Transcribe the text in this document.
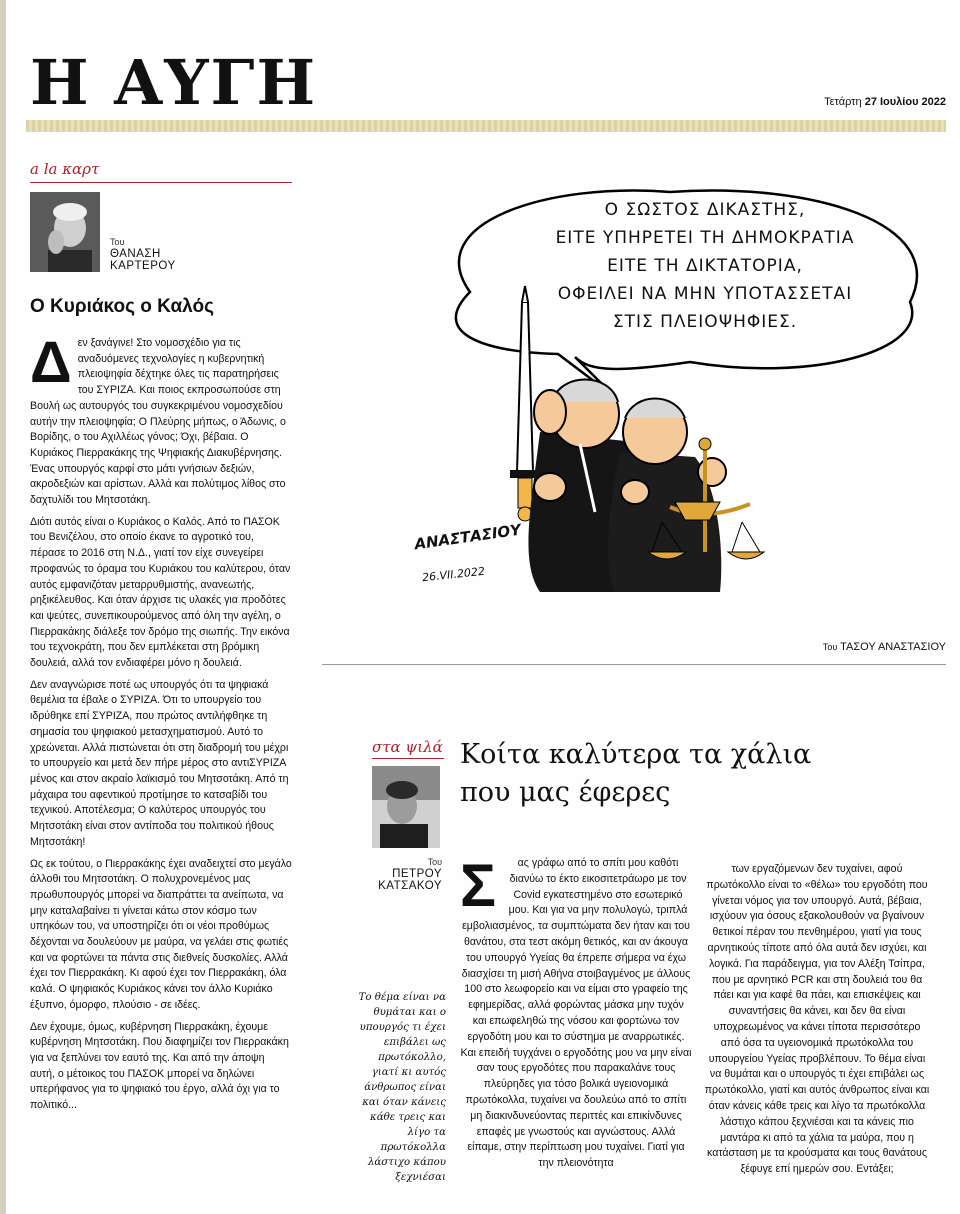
Η ΑΥΓΗ	Τετάρτη 27 Ιουλίου 2022
a la καρτ
Του
ΘΑΝΑΣΗ ΚΑΡΤΕΡΟΥ
Ο Κυριάκος ο Καλός

Δεν ξανάγινε! Στο νομοσχέδιο για τις αναδυόμενες τεχνολογίες η κυβερνητική πλειοψηφία δέχτηκε όλες τις παρατηρήσεις του ΣΥΡΙΖΑ. Και ποιος εκπροσωπούσε στη Βουλή ως αυτουργός του συγκεκριμένου νομοσχεδίου αυτήν την πλειοψηφία; Ο Πλεύρης μήπως, ο Άδωνις, ο Βορίδης, ο του Αχιλλέως γόνος; Όχι, βέβαια. Ο Κυριάκος Πιερρακάκης της Ψηφιακής Διακυβέρνησης. Ένας υπουργός καρφί στο μάτι γνήσιων δεξιών, ακροδεξιών και αρίστων. Αλλά και πολύτιμος λίθος στο δαχτυλίδι του Μητσοτάκη.

Διότι αυτός είναι ο Κυριάκος ο Καλός. Από το ΠΑΣΟΚ του Βενιζέλου, στο οποίο έκανε το αγροτικό του, πέρασε το 2016 στη Ν.Δ., γιατί τον είχε συνεγείρει προφανώς το όραμα του Κυριάκου του καλύτερου, όταν αυτός εμφανιζόταν μεταρρυθμιστής, ανανεωτής, ρηξικέλευθος. Και όταν άρχισε τις υλακές για προδότες και ψεύτες, συνεπικουρούμενος από όλη την αγέλη, ο Πιερρακάκης διάλεξε τον δρόμο της σιωπής. Την εικόνα του τεχνοκράτη, που δεν εμπλέκεται στη βρόμικη δουλειά, αλλά τον ενδιαφέρει μόνο η δουλειά.

Δεν αναγνώρισε ποτέ ως υπουργός ότι τα ψηφιακά θεμέλια τα έβαλε ο ΣΥΡΙΖΑ. Ότι το υπουργείο του ιδρύθηκε επί ΣΥΡΙΖΑ, που πρώτος αντιλήφθηκε τη σημασία του ψηφιακού μετασχηματισμού. Αυτό το χρεώνεται. Αλλά πιστώνεται ότι στη διαδρομή του μέχρι το υπουργείο και μετά δεν πήρε μέρος στο αντιΣΥΡΙΖΑ μένος και στον ακραίο λαϊκισμό του Μητσοτάκη. Από τη μάχαιρα του αφεντικού προτίμησε το κατσαβίδι του τεχνικού. Αποτέλεσμα; Ο καλύτερος υπουργός του Μητσοτάκη είναι στον αντίποδα του πολιτικού ήθους Μητσοτάκη!

Ως εκ τούτου, ο Πιερρακάκης έχει αναδειχτεί στο μεγάλο άλλοθι του Μητσοτάκη. Ο πολυχρονεμένος μας πρωθυπουργός μπορεί να διαπράττει τα ανείπωτα, να μην καταλαβαίνει τι γίνεται κάτω στον κόσμο των υπηκόων του, να υποστηρίζει ότι οι νέοι προθύμως δέχονται να δουλεύουν με μαύρα, να γελάει στις φωτιές και να φορτώνει τα πάντα στις διεθνείς δυσκολίες. Αλλά έχει τον Πιερρακάκη. Κι αφού έχει τον Πιερρακάκη, όλα καλά. Ο ψηφιακός Κυριάκος κάνει τον άλλο Κυριάκο έξυπνο, όμορφο, πλούσιο - σε ιδέες.

Δεν έχουμε, όμως, κυβέρνηση Πιερρακάκη, έχουμε κυβέρνηση Μητσοτάκη. Που διαφημίζει τον Πιερρακάκη για να ξεπλύνει τον εαυτό της. Και από την άποψη αυτή, ο μέτοικος του ΠΑΣΟΚ μπορεί να δηλώνει υπερήφανος για το ψηφιακό του έργο, αλλά όχι για το πολιτικό...

Ο ΣΩΣΤΟΣ ΔΙΚΑΣΤΗΣ,
ΕΙΤΕ ΥΠΗΡΕΤΕΙ ΤΗ ΔΗΜΟΚΡΑΤΙΑ
ΕΙΤΕ ΤΗ ΔΙΚΤΑΤΟΡΙΑ,
ΟΦΕΙΛΕΙ ΝΑ ΜΗΝ ΥΠΟΤΑΣΣΕΤΑΙ
ΣΤΙΣ ΠΛΕΙΟΨΗΦΙΕΣ.
ΑΝΑΣΤΑΣΙΟΥ
26.VII.2022
Του ΤΑΣΟΥ ΑΝΑΣΤΑΣΙΟΥ
στα ψιλά
Του
ΠΕΤΡΟΥ ΚΑΤΣΑΚΟΥ
Κοίτα καλύτερα τα χάλια
που μας έφερες
Το θέμα είναι να θυμάται και ο υπουργός τι έχει επιβάλει ως πρωτόκολλο, γιατί κι αυτός άνθρωπος είναι και όταν κάνεις κάθε τρεις και λίγο τα πρωτόκολλα λάστιχο κάπου ξεχνιέσαι
Σ ας γράφω από το σπίτι μου καθότι διανύω το έκτο εικοσιτετράωρο με τον Covid εγκατεστημένο στο εσωτερικό μου. Και για να μην πολυλογώ, τριπλά εμβολιασμένος, τα συμπτώματα δεν ήταν και του θανάτου, στα τεστ ακόμη θετικός, και αν άκουγα του υπουργό Υγείας θα έπρεπε σήμερα να έχω διασχίσει τη μισή Αθήνα στοιβαγμένος με άλλους 100 στο λεωφορείο και να είμαι στο γραφείο της εφημερίδας, αλλά φορώντας μάσκα μην τυχόν και επωφεληθώ της νόσου και φορτώνω τον εργοδότη μου και το σύστημα με αναρρωτικές. Και επειδή τυγχάνει ο εργοδότης μου να μην είναι σαν τους εργοδότες που παρακαλάνε τους πλεύρηδες για τόσο βολικά υγειονομικά πρωτόκολλα, τυχαίνει να δουλεύω από το σπίτι μη διακινδυνεύοντας περιττές και επικίνδυνες επαφές με γνωστούς και αγνώστους. Αλλά είπαμε, στην περίπτωση μου τυχαίνει. Γιατί για την πλειονότητα
των εργαζόμενων δεν τυχαίνει, αφού πρωτόκολλο είναι το «θέλω» του εργοδότη που γίνεται νόμος για τον υπουργό. Αυτά, βέβαια, ισχύουν για όσους εξακολουθούν να βγαίνουν θετικοί πέραν του πενθημέρου, γιατί για τους αρνητικούς τίποτε από όλα αυτά δεν ισχύει, και λογικά. Για παράδειγμα, για τον Αλέξη Τσίπρα, που με αρνητικό PCR και στη δουλειά του θα πάει και για καφέ θα πάει, και επισκέψεις και συναντήσεις θα κάνει, και δεν θα είναι υποχρεωμένος να κάνει τίποτα περισσότερο από όσα τα υγειονομικά πρωτόκολλα του υπουργείου Υγείας προβλέπουν. Το θέμα είναι να θυμάται και ο υπουργός τι έχει επιβάλει ως πρωτόκολλο, γιατί και αυτός άνθρωπος είναι και όταν κάνεις κάθε τρεις και λίγο τα πρωτόκολλα λάστιχο κάπου ξεχνιέσαι και τα κάνεις πιο μαντάρα κι από τα χάλια τα μαύρα, που η κατάσταση με τα κρούσματα και τους θανάτους ξέφυγε επί ημερών σου. Εντάξει;
